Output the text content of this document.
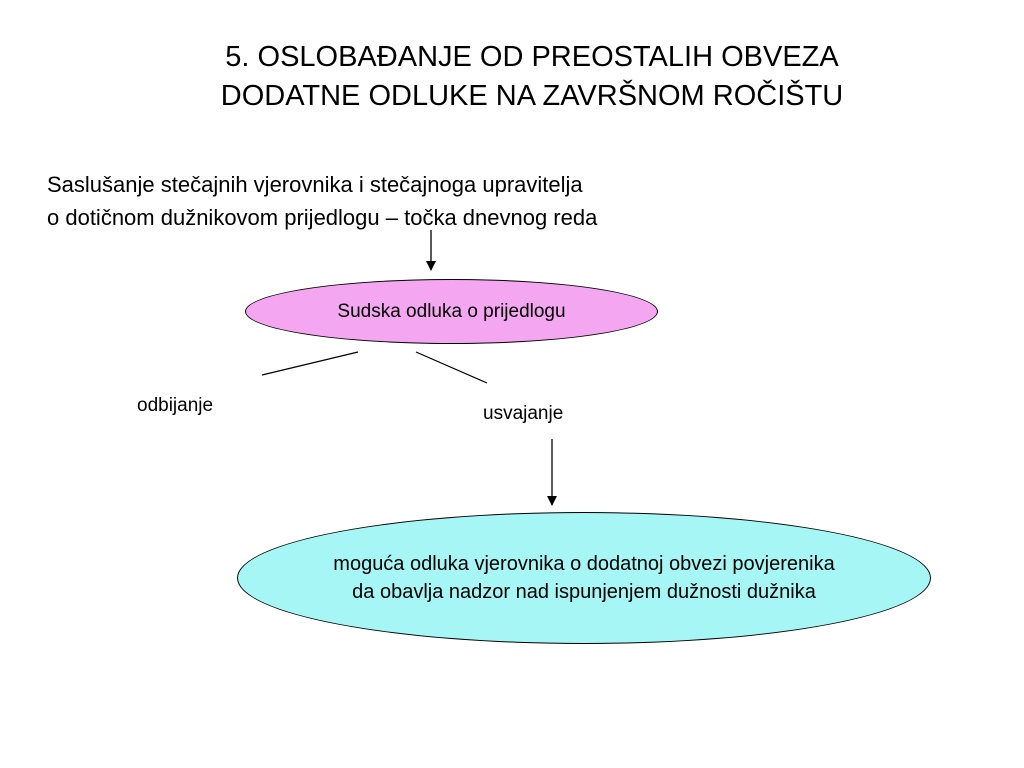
5. OSLOBAĐANJE OD PREOSTALIH OBVEZA
DODATNE ODLUKE NA ZAVRŠNOM ROČIŠTU
Saslušanje stečajnih vjerovnika i stečajnoga upravitelja
o dotičnom dužnikovom prijedlogu – točka dnevnog reda
Sudska odluka o prijedlogu
odbijanje	usvajanje
moguća odluka vjerovnika o dodatnoj obvezi povjerenika
da obavlja nadzor nad ispunjenjem dužnosti dužnika
